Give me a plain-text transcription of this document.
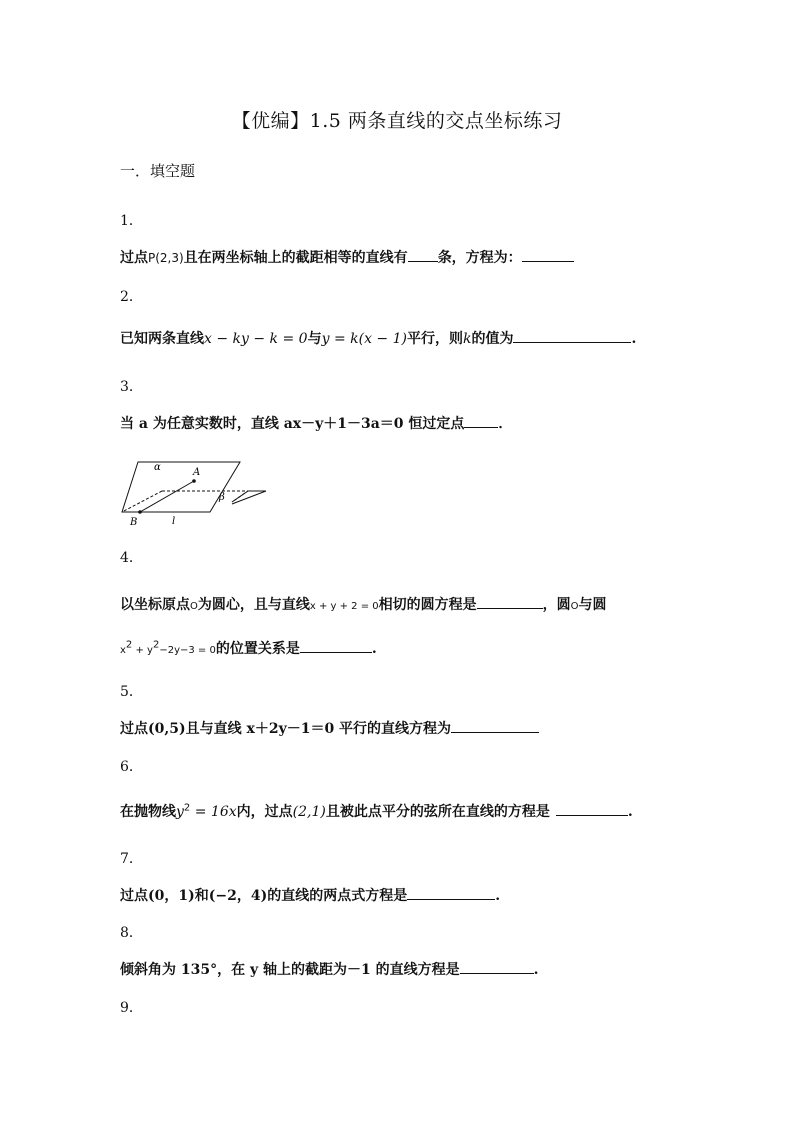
【优编】1.5 两条直线的交点坐标练习
一．填空题
1．
过点P(2,3)且在两坐标轴上的截距相等的直线有 条，方程为：
2．
已知两条直线x − ky − k = 0与y = k(x − 1)平行，则k的值为	.
3．
当 a 为任意实数时，直线 ax－y＋1－3a＝0 恒过定点 ．
α	A
β
B	l
4．
以坐标原点O为圆心，且与直线x + y + 2 = 0相切的圆方程是	，圆O与圆
$x^2 + y^2-2y-3 = 0$的位置关系是	.
5．
过点(0,5)且与直线 x＋2y－1＝0 平行的直线方程为
6．
在抛物线$y^2 = 16x$内，过点(2,1)且被此点平分的弦所在直线的方程是	.
7．
过点(0，1)和(−2，4)的直线的两点式方程是	.
8．
倾斜角为 135°，在 y 轴上的截距为－1 的直线方程是	.
9．
